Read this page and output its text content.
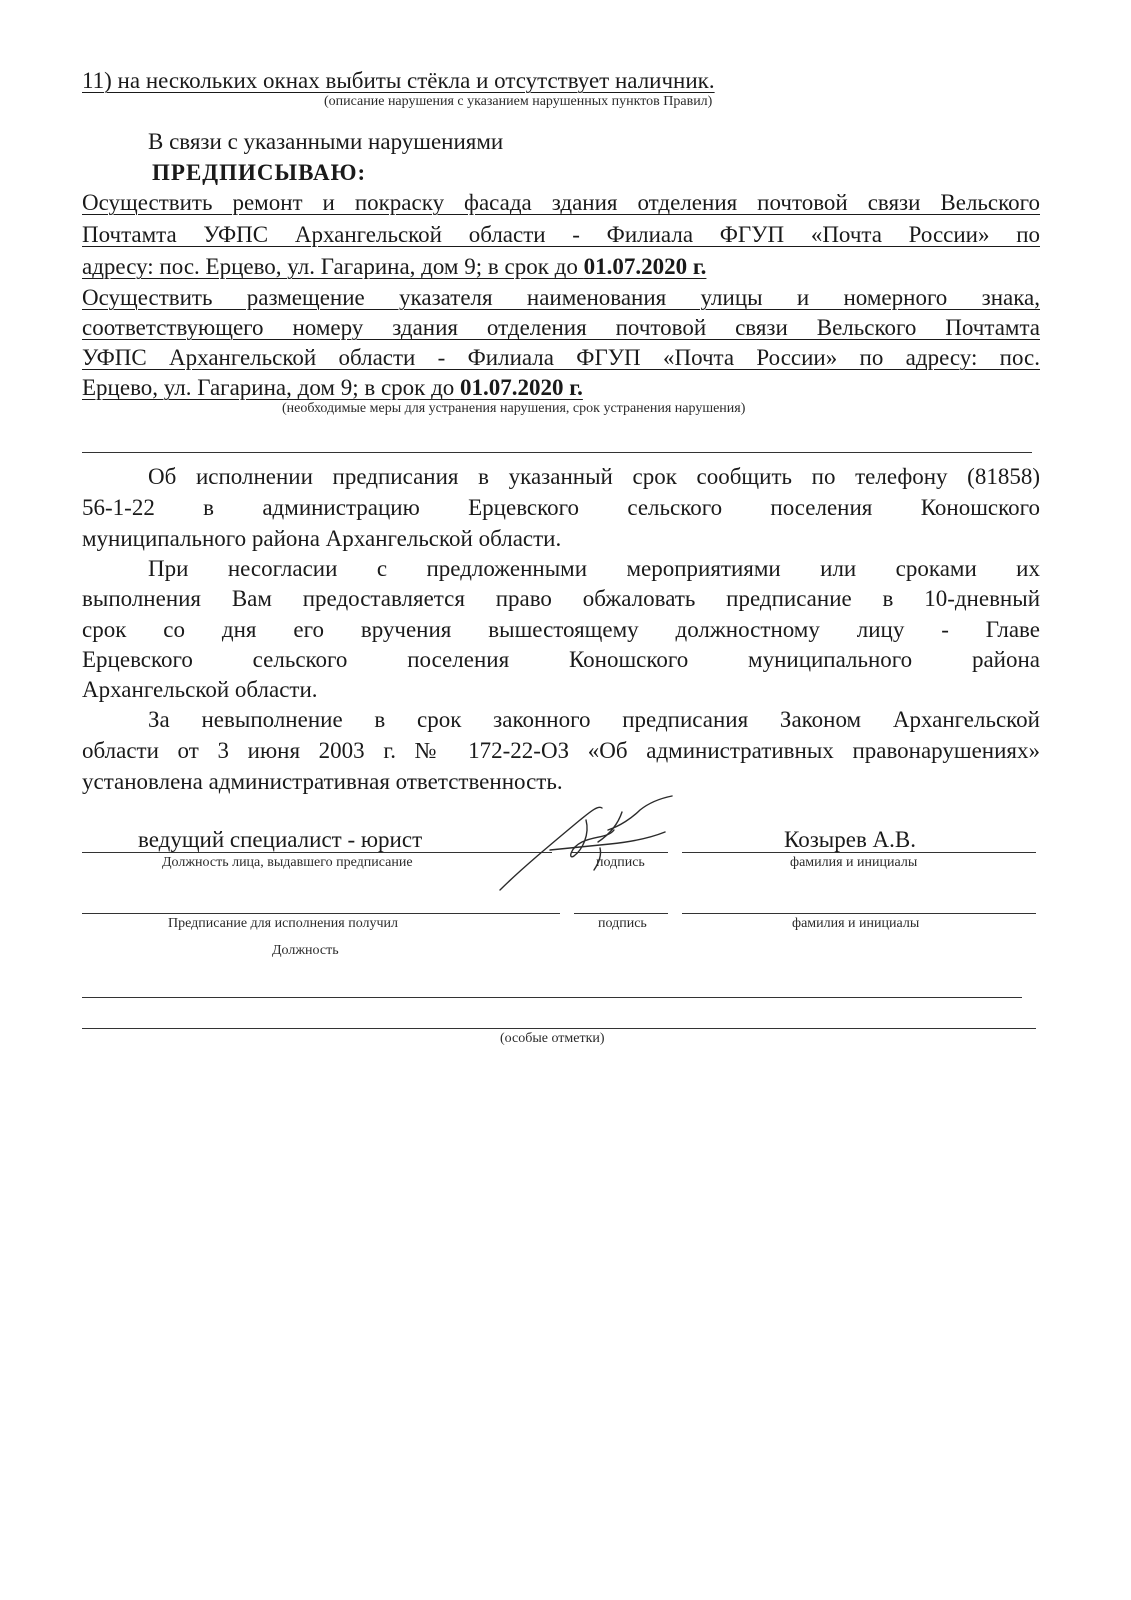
11) на нескольких окнах выбиты стёкла и отсутствует наличник.
(описание нарушения с указанием нарушенных пунктов Правил)
В связи с указанными нарушениями
ПРЕДПИСЫВАЮ:
Осуществить ремонт и покраску фасада здания отделения почтовой связи Вельского
Почтамта УФПС Архангельской области - Филиала ФГУП «Почта России» по
адресу: пос. Ерцево, ул. Гагарина, дом 9; в срок до 01.07.2020 г.
Осуществить размещение указателя наименования улицы и номерного знака,
соответствующего номеру здания отделения почтовой связи Вельского Почтамта
УФПС Архангельской области - Филиала ФГУП «Почта России» по адресу: пос.
Ерцево, ул. Гагарина, дом 9; в срок до 01.07.2020 г.
(необходимые меры для устранения нарушения, срок устранения нарушения)
Об исполнении предписания в указанный срок сообщить по телефону (81858)
56-1-22 в администрацию Ерцевского сельского поселения Коношского
муниципального района Архангельской области.
При несогласии с предложенными мероприятиями или сроками их
выполнения Вам предоставляется право обжаловать предписание в 10-дневный
срок со дня его вручения вышестоящему должностному лицу - Главе
Ерцевского сельского поселения Коношского муниципального района
Архангельской области.
За невыполнение в срок законного предписания Законом Архангельской
области от 3 июня 2003 г. № 172-22-ОЗ «Об административных правонарушениях»
установлена административная ответственность.
ведущий специалист - юрист
Должность лица, выдавшего предписание	подпись
Козырев А.В.
фамилия и инициалы
Предписание для исполнения получил
Должность
подпись	фамилия и инициалы
(особые отметки)
